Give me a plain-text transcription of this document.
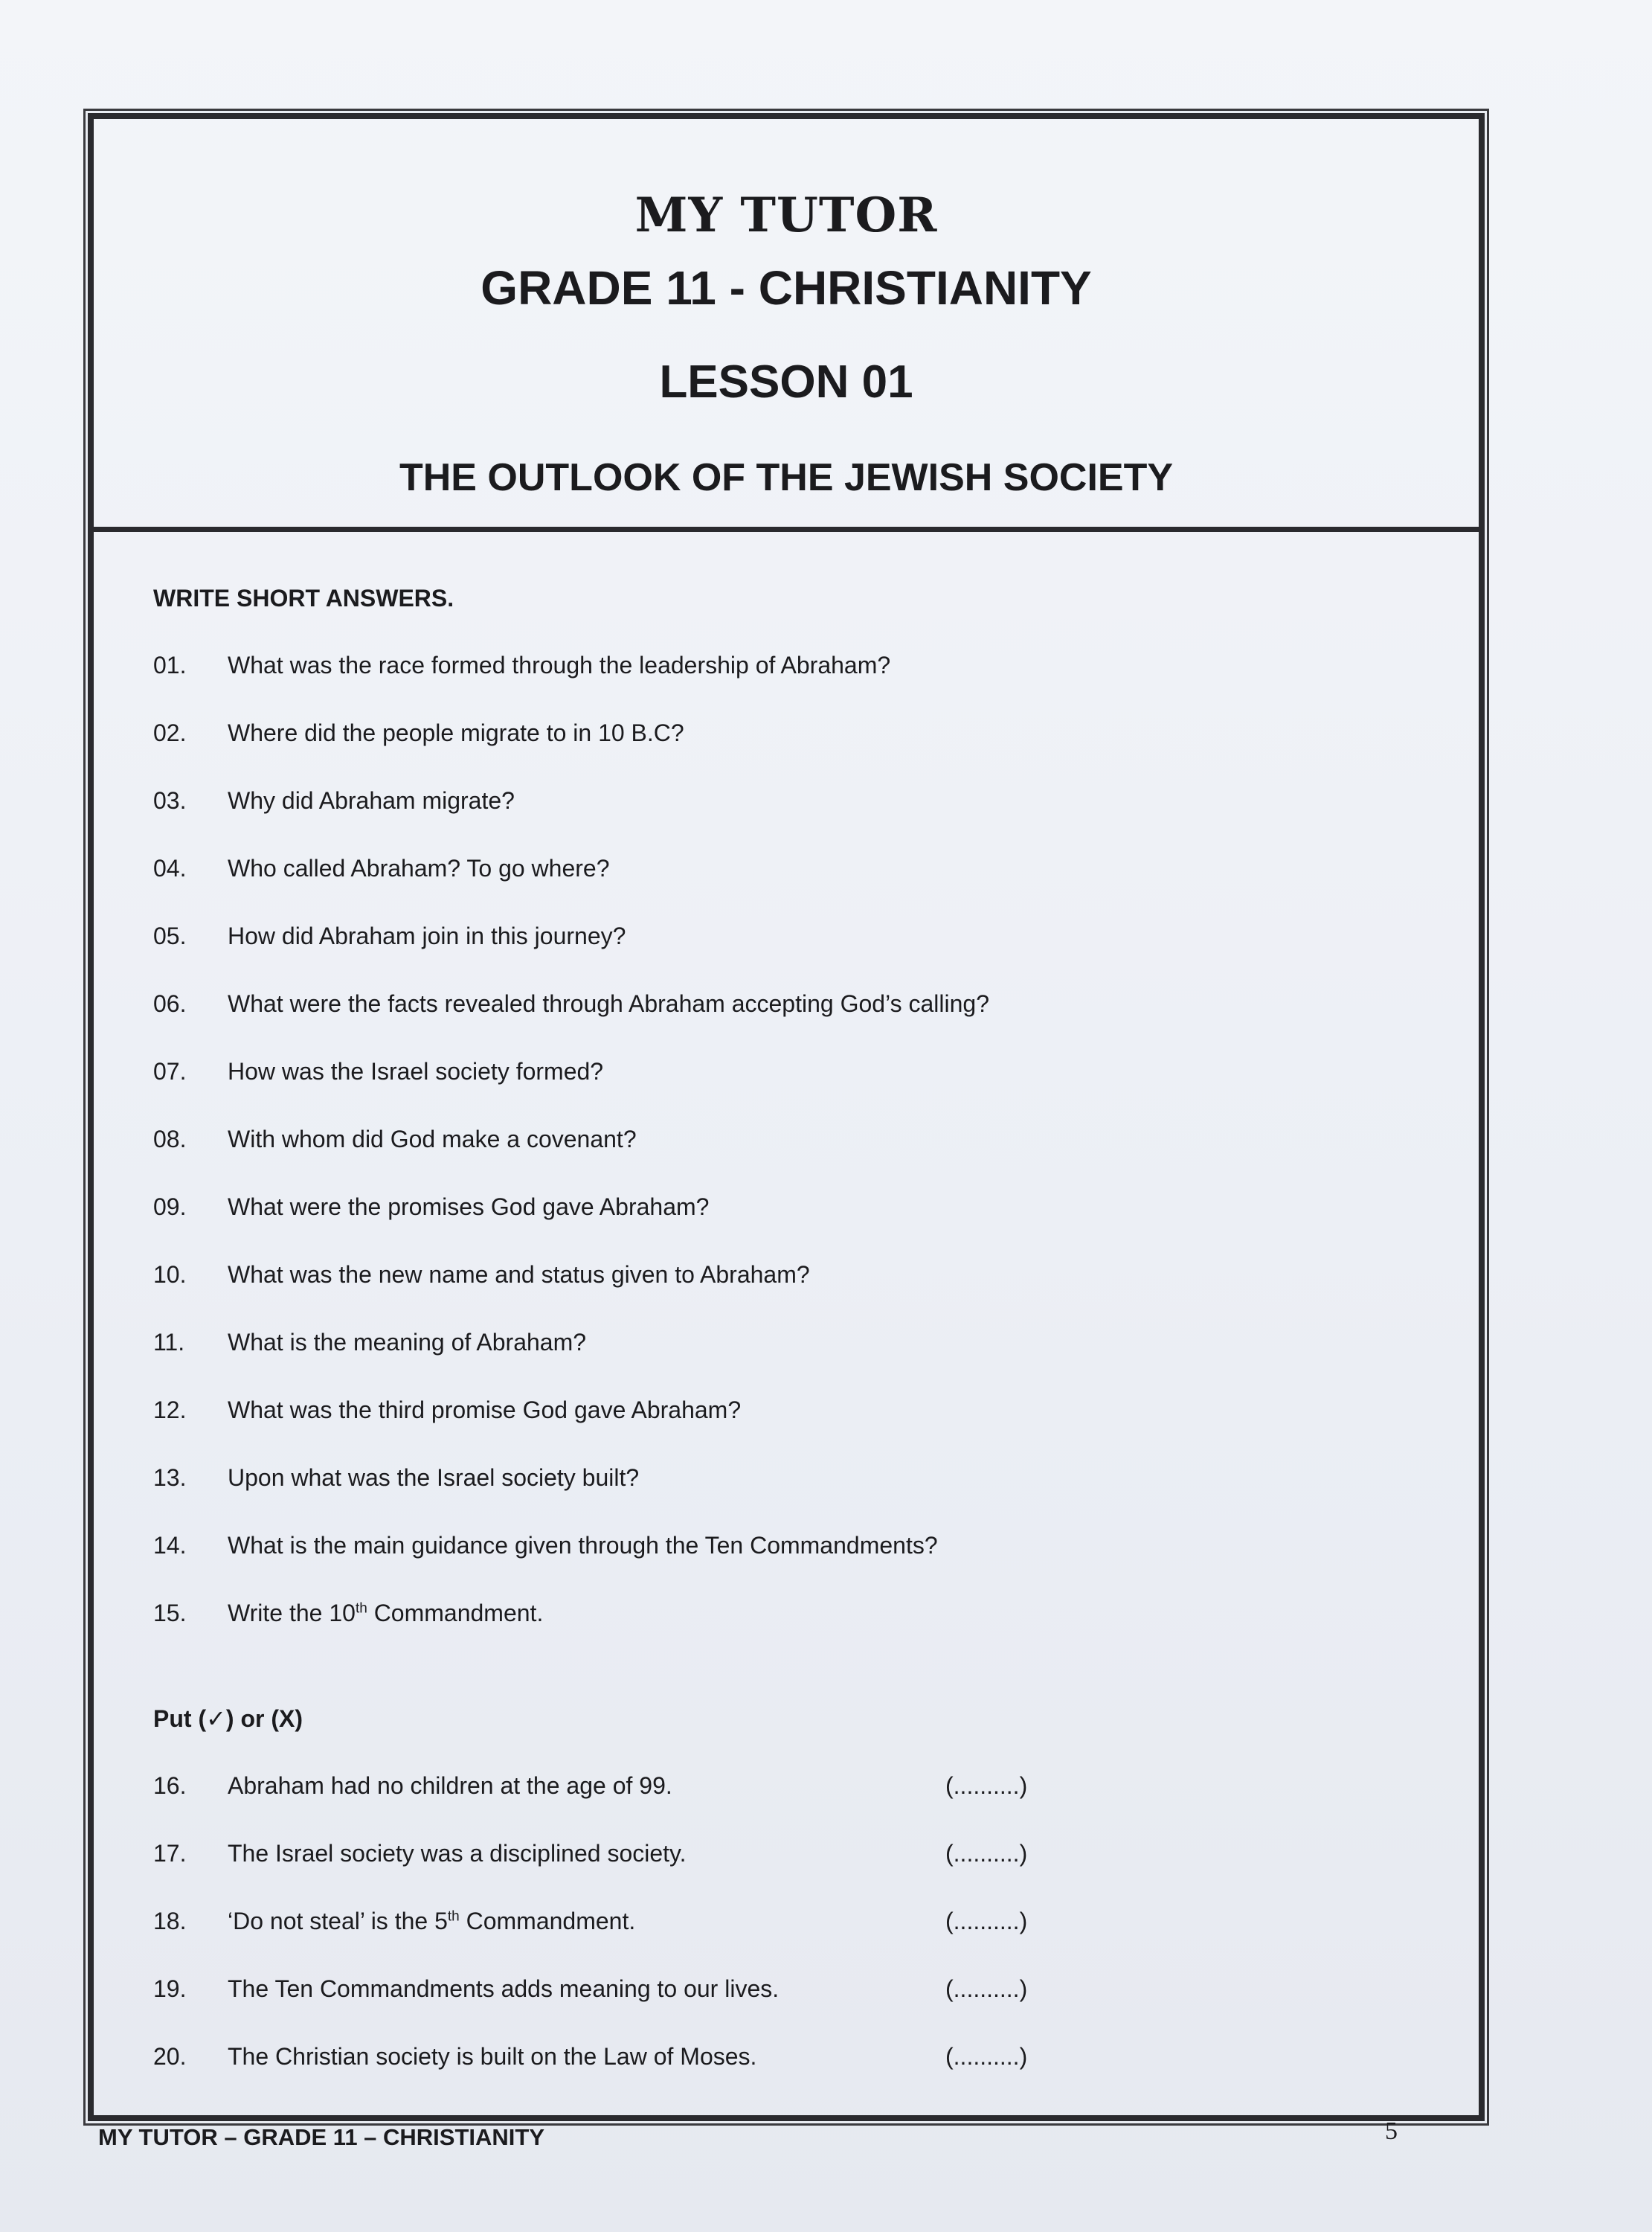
MY TUTOR
GRADE 11 - CHRISTIANITY
LESSON 01
THE OUTLOOK OF THE JEWISH SOCIETY

WRITE SHORT ANSWERS.

01.	What was the race formed through the leadership of Abraham?
02.	Where did the people migrate to in 10 B.C?
03.	Why did Abraham migrate?
04.	Who called Abraham? To go where?
05.	How did Abraham join in this journey?
06.	What were the facts revealed through Abraham accepting God’s calling?
07.	How was the Israel society formed?
08.	With whom did God make a covenant?
09.	What were the promises God gave Abraham?
10.	What was the new name and status given to Abraham?
11.	What is the meaning of Abraham?
12.	What was the third promise God gave Abraham?
13.	Upon what was the Israel society built?
14.	What is the main guidance given through the Ten Commandments?
15.	Write the 10th Commandment.

Put (✓) or (X)

16.	Abraham had no children at the age of 99.	(..........)
17.	The Israel society was a disciplined society.	(..........)
18.	‘Do not steal’ is the 5th Commandment.	(..........)
19.	The Ten Commandments adds meaning to our lives.	(..........)
20.	The Christian society is built on the Law of Moses.	(..........)
MY TUTOR – GRADE 11 – CHRISTIANITY	5
